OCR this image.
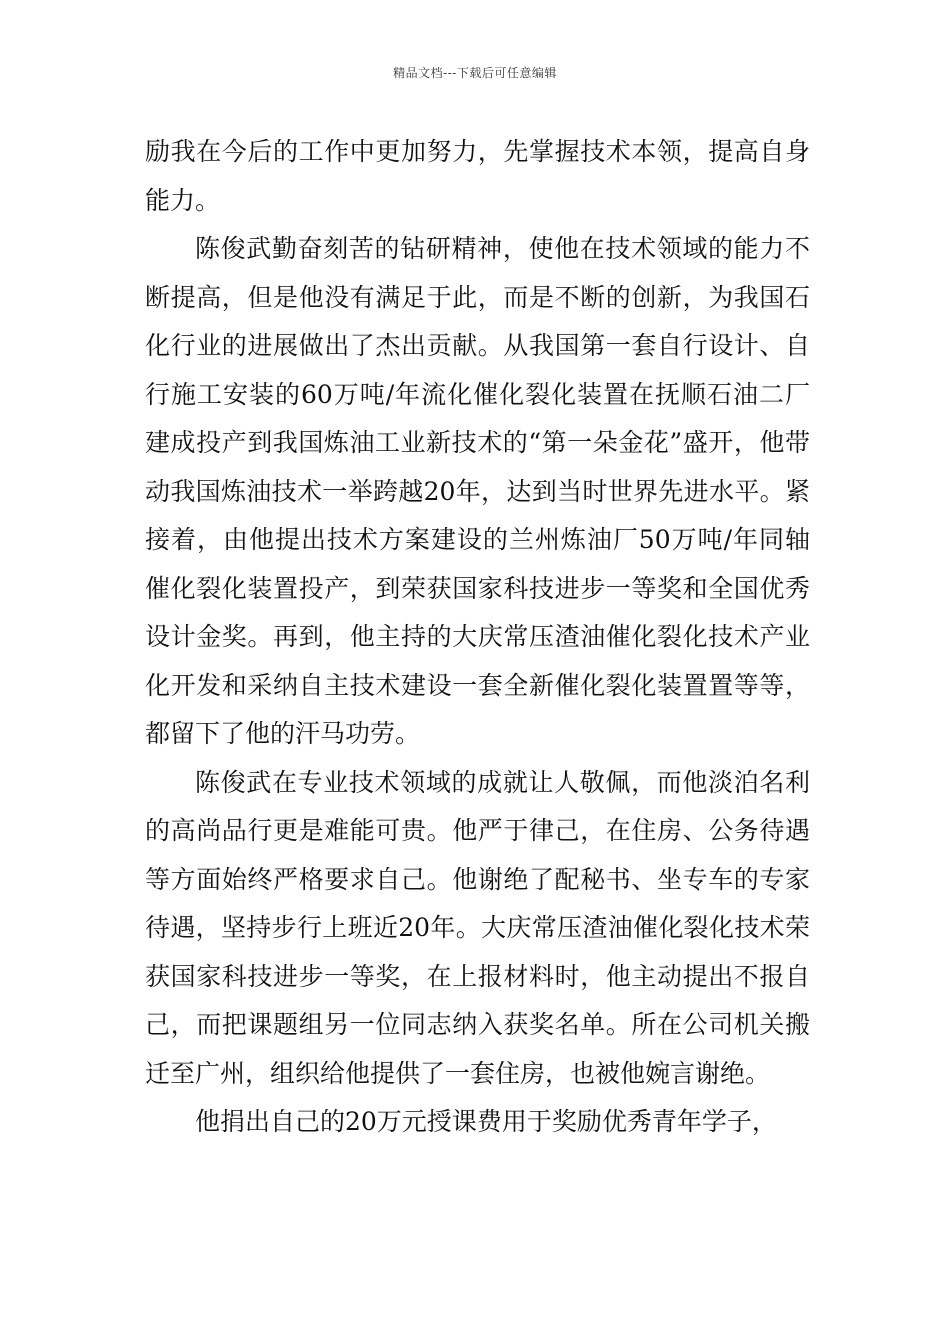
精品文档---下载后可任意编辑

励我在今后的工作中更加努力，先掌握技术本领，提高自身能力。

陈俊武勤奋刻苦的钻研精神，使他在技术领域的能力不断提高，但是他没有满足于此，而是不断的创新，为我国石化行业的进展做出了杰出贡献。从我国第一套自行设计、自行施工安装的60万吨/年流化催化裂化装置在抚顺石油二厂建成投产到我国炼油工业新技术的“第一朵金花”盛开，他带动我国炼油技术一举跨越20年，达到当时世界先进水平。紧接着，由他提出技术方案建设的兰州炼油厂50万吨/年同轴催化裂化装置投产，到荣获国家科技进步一等奖和全国优秀设计金奖。再到，他主持的大庆常压渣油催化裂化技术产业化开发和采纳自主技术建设一套全新催化裂化装置置等等，都留下了他的汗马功劳。

陈俊武在专业技术领域的成就让人敬佩，而他淡泊名利的高尚品行更是难能可贵。他严于律己，在住房、公务待遇等方面始终严格要求自己。他谢绝了配秘书、坐专车的专家待遇，坚持步行上班近20年。大庆常压渣油催化裂化技术荣获国家科技进步一等奖，在上报材料时，他主动提出不报自己，而把课题组另一位同志纳入获奖名单。所在公司机关搬迁至广州，组织给他提供了一套住房，也被他婉言谢绝。

他捐出自己的20万元授课费用于奖励优秀青年学子，
